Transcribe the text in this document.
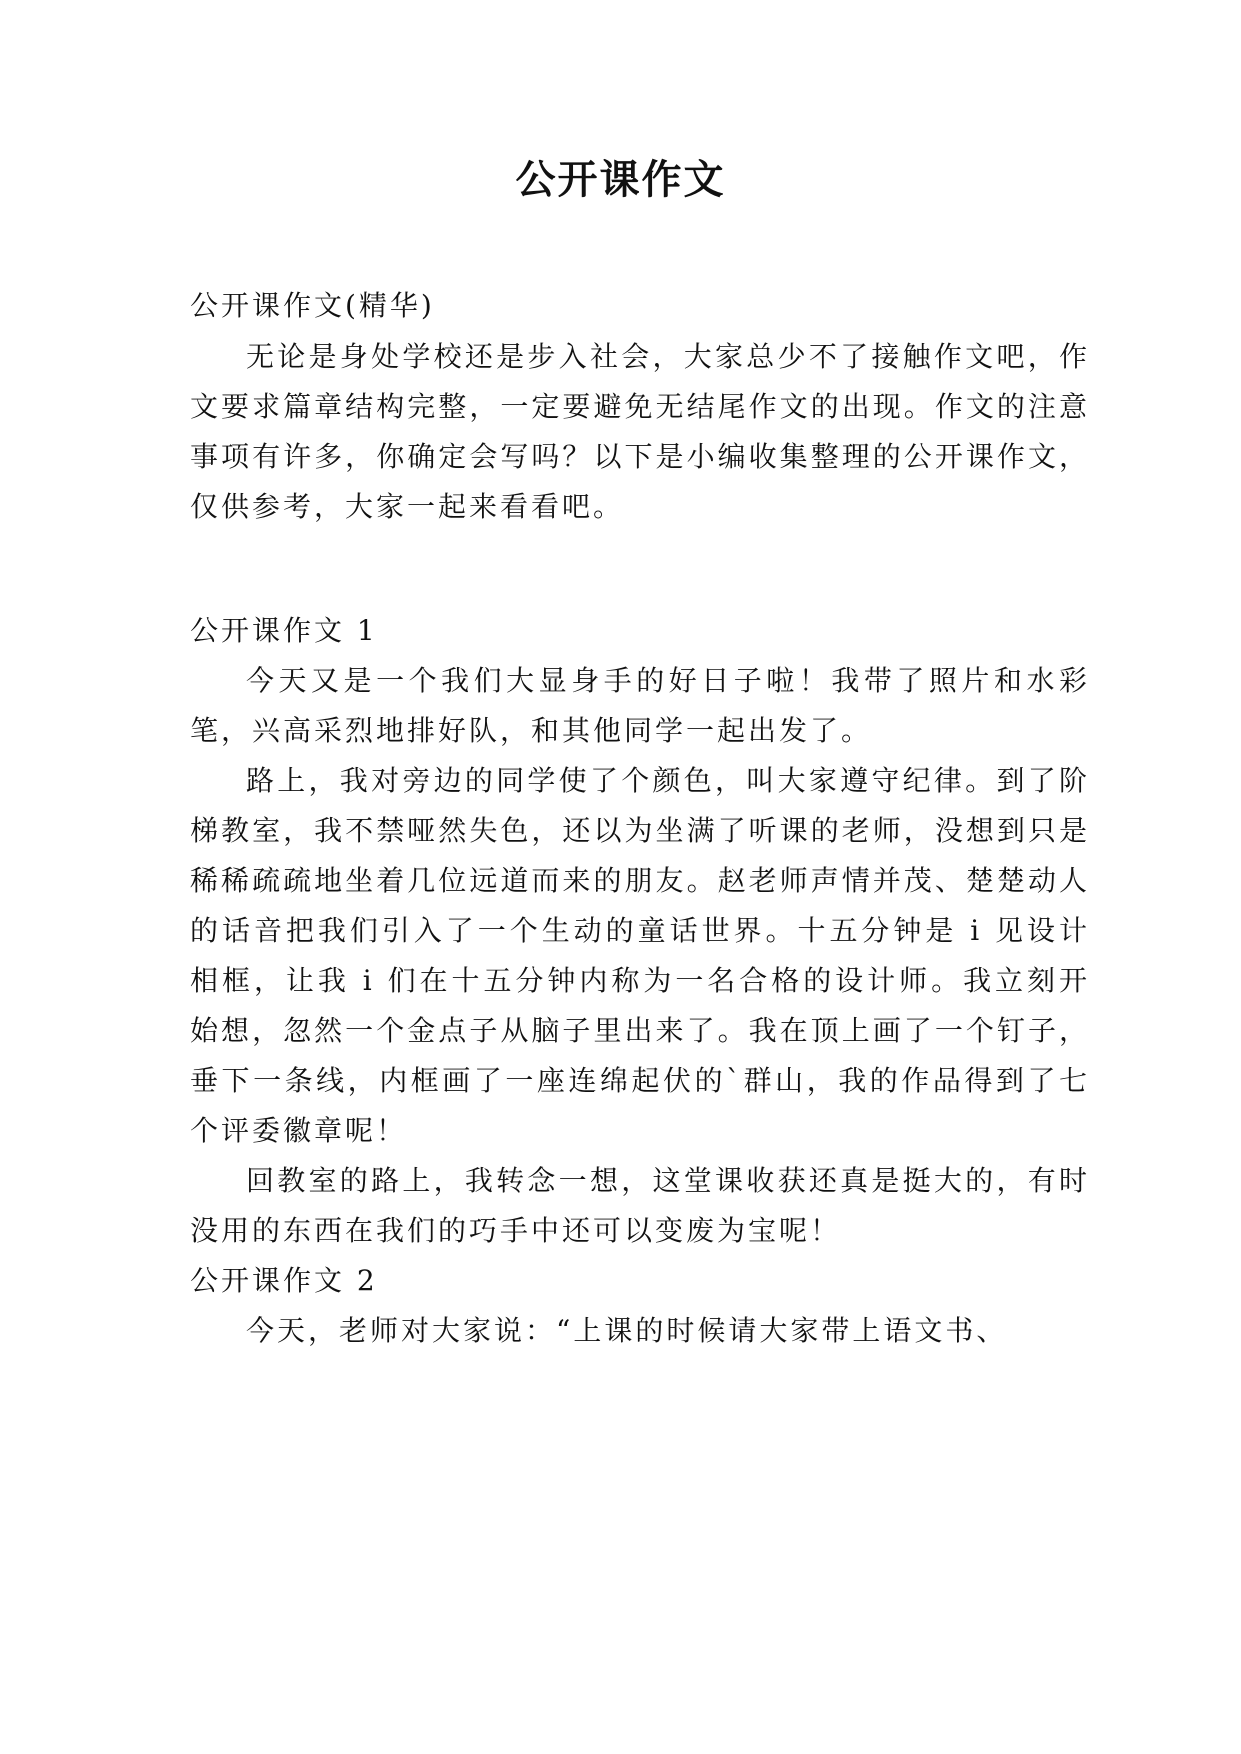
公开课作文
公开课作文(精华)

无论是身处学校还是步入社会，大家总少不了接触作文吧，作文要求篇章结构完整，一定要避免无结尾作文的出现。作文的注意事项有许多，你确定会写吗？以下是小编收集整理的公开课作文，仅供参考，大家一起来看看吧。

公开课作文 1

今天又是一个我们大显身手的好日子啦！我带了照片和水彩笔，兴高采烈地排好队，和其他同学一起出发了。

路上，我对旁边的同学使了个颜色，叫大家遵守纪律。到了阶梯教室，我不禁哑然失色，还以为坐满了听课的老师，没想到只是稀稀疏疏地坐着几位远道而来的朋友。赵老师声情并茂、楚楚动人的话音把我们引入了一个生动的童话世界。十五分钟是 i 见设计相框，让我 i 们在十五分钟内称为一名合格的设计师。我立刻开始想，忽然一个金点子从脑子里出来了。我在顶上画了一个钉子，垂下一条线，内框画了一座连绵起伏的`群山，我的作品得到了七个评委徽章呢！

回教室的路上，我转念一想，这堂课收获还真是挺大的，有时没用的东西在我们的巧手中还可以变废为宝呢！

公开课作文 2

今天，老师对大家说：“上课的时候请大家带上语文书、
